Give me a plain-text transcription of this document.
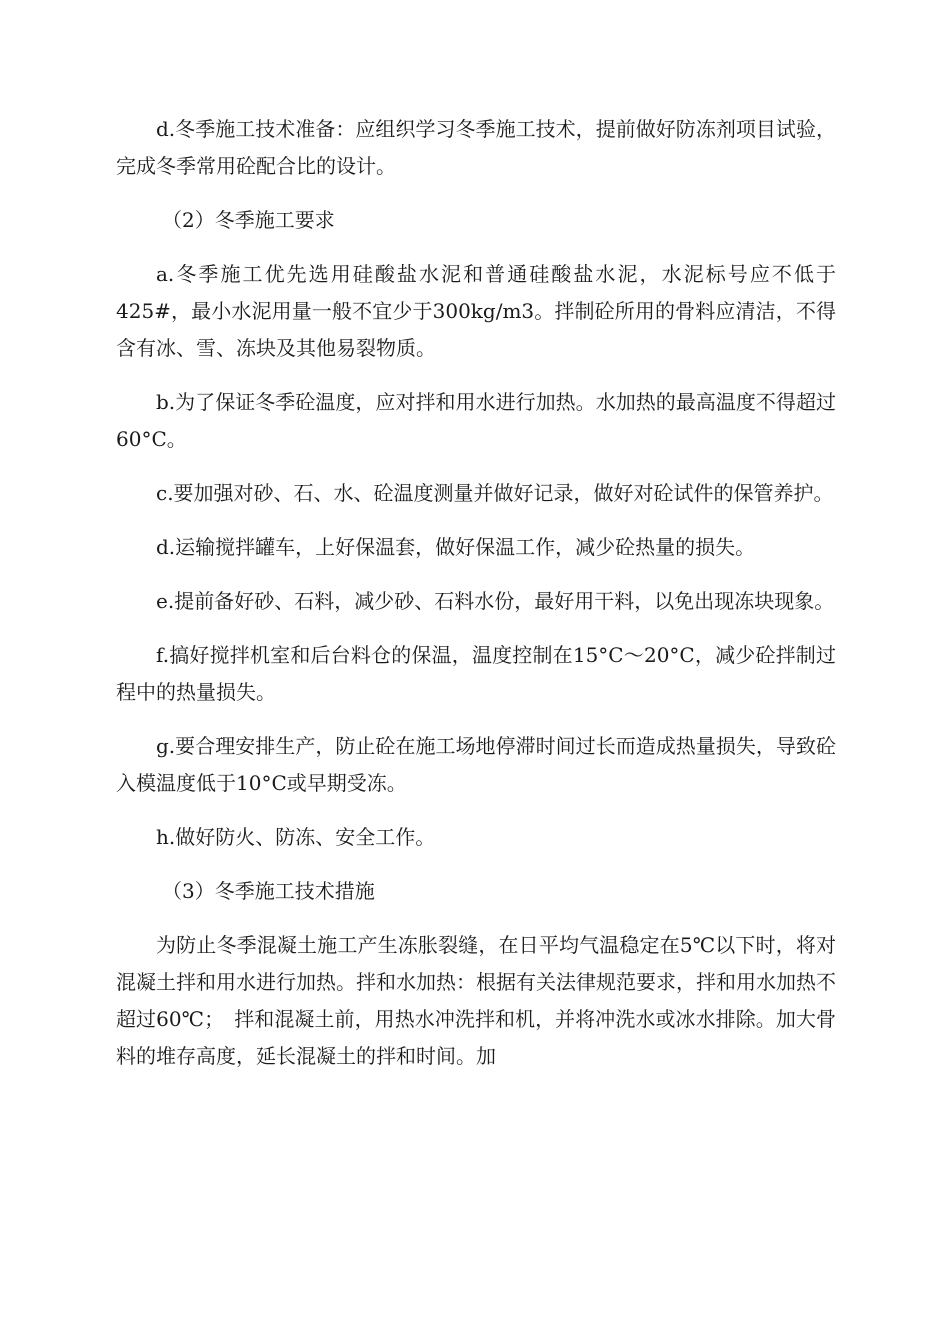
d.冬季施工技术准备：应组织学习冬季施工技术，提前做好防冻剂项目试验，完成冬季常用砼配合比的设计。

（2）冬季施工要求

a.冬季施工优先选用硅酸盐水泥和普通硅酸盐水泥，水泥标号应不低于425#，最小水泥用量一般不宜少于300kg/m3。拌制砼所用的骨料应清洁，不得含有冰、雪、冻块及其他易裂物质。

b.为了保证冬季砼温度，应对拌和用水进行加热。水加热的最高温度不得超过60°C。

c.要加强对砂、石、水、砼温度测量并做好记录，做好对砼试件的保管养护。

d.运输搅拌罐车，上好保温套，做好保温工作，减少砼热量的损失。

e.提前备好砂、石料，减少砂、石料水份，最好用干料，以免出现冻块现象。

f.搞好搅拌机室和后台料仓的保温，温度控制在15°C～20°C，减少砼拌制过程中的热量损失。

g.要合理安排生产，防止砼在施工场地停滞时间过长而造成热量损失，导致砼入模温度低于10°C或早期受冻。

h.做好防火、防冻、安全工作。

（3）冬季施工技术措施

为防止冬季混凝土施工产生冻胀裂缝，在日平均气温稳定在5℃以下时，将对混凝土拌和用水进行加热。拌和水加热：根据有关法律规范要求，拌和用水加热不超过60℃；　拌和混凝土前，用热水冲洗拌和机，并将冲洗水或冰水排除。加大骨料的堆存高度，延长混凝土的拌和时间。加
